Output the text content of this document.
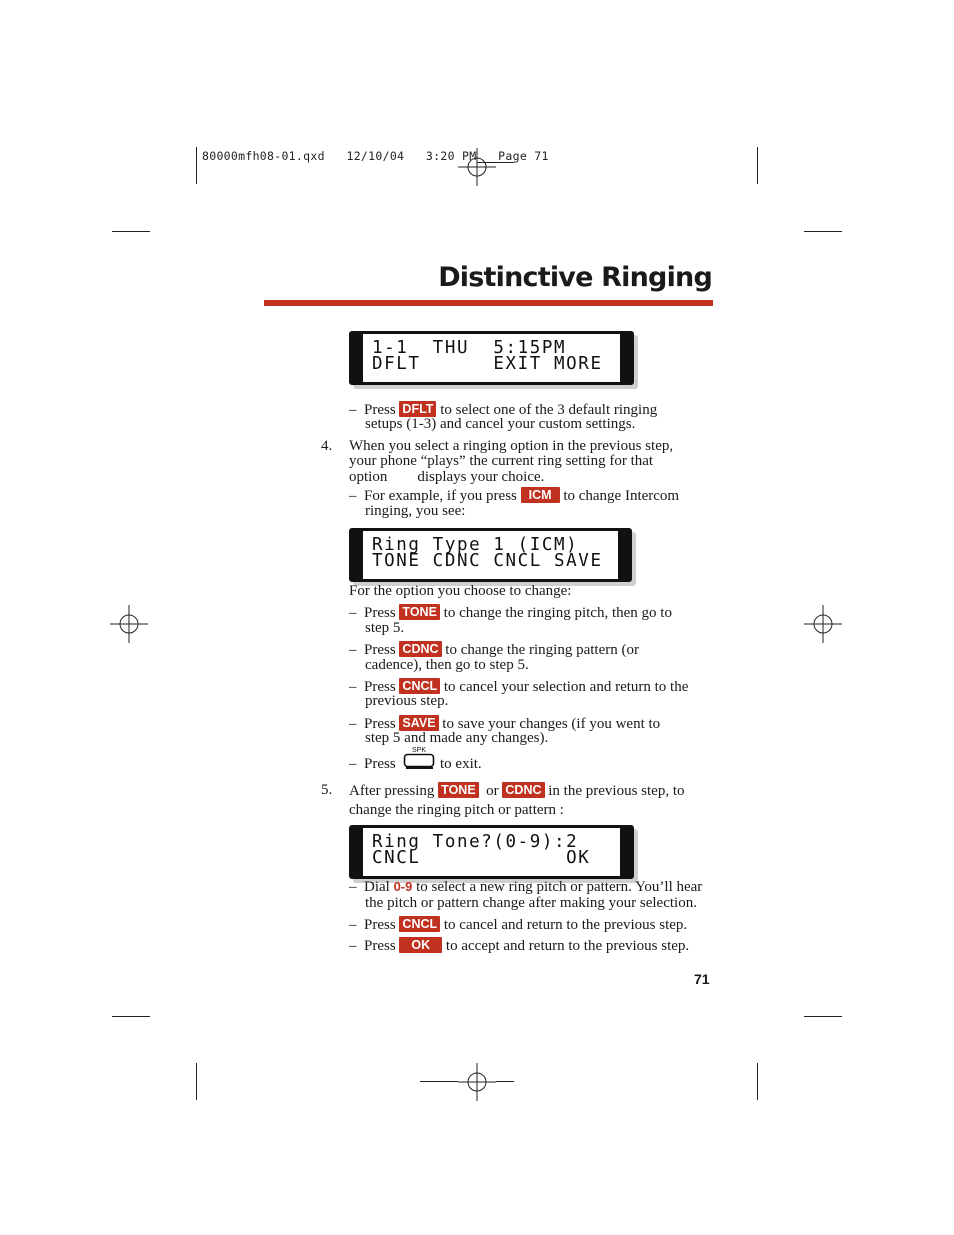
80000mfh08-01.qxd   12/10/04   3:20 PM   Page 71
Distinctive Ringing
1-1  THU  5:15PM
DFLT      EXIT MORE
–  Press DFLT to select one of the 3 default ringing
setups (1-3) and cancel your custom settings.
4. When you select a ringing option in the previous step,
your phone “plays” the current ring setting for that
option        displays your choice.
–  For example, if you press ICM to change Intercom
ringing, you see:
Ring Type 1 (ICM)
TONE CDNC CNCL SAVE
For the option you choose to change:
–  Press TONE to change the ringing pitch, then go to
step 5.
–  Press CDNC to change the ringing pattern (or
cadence), then go to step 5.
–  Press CNCL to cancel your selection and return to the
previous step.
–  Press SAVE to save your changes (if you went to
step 5 and made any changes).
–  Press
SPK
to exit.
5. After pressing TONE or CDNC in the previous step, to
change the ringing pitch or pattern :
Ring Tone?(0-9):2
CNCL            OK
–  Dial 0-9 to select a new ring pitch or pattern. You’ll hear
the pitch or pattern change after making your selection.
–  Press CNCL to cancel and return to the previous step.
–  Press OK to accept and return to the previous step.
71
